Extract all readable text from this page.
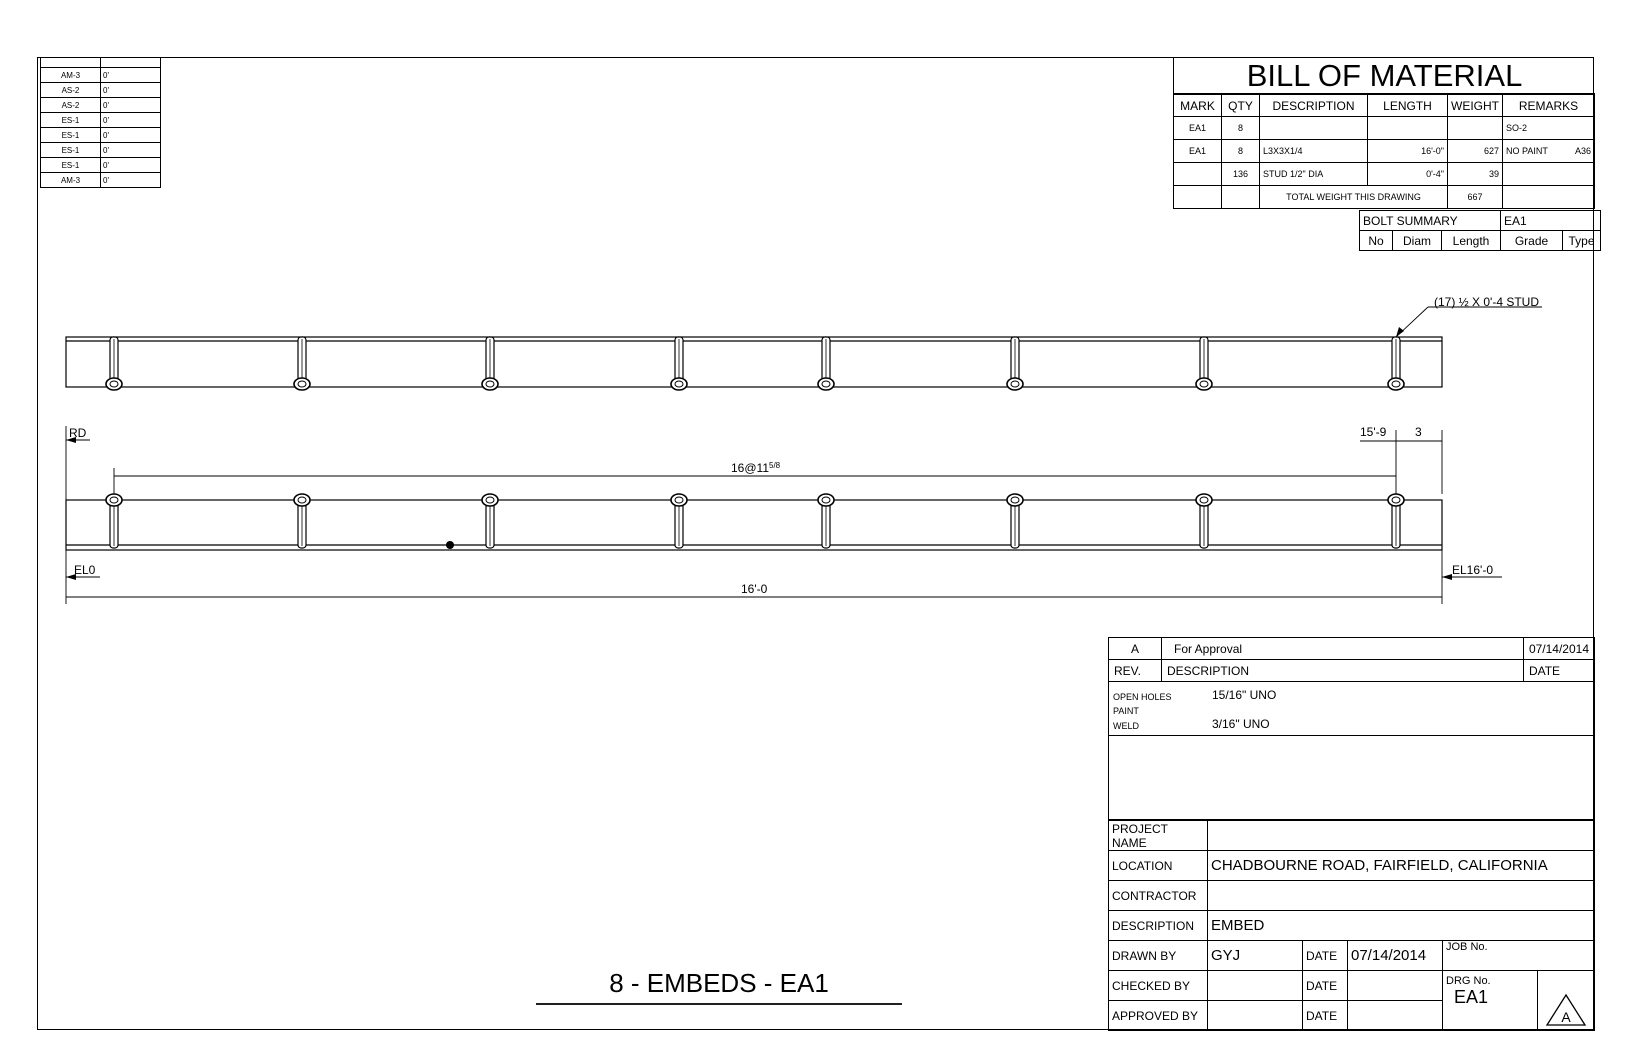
AM-3	0'
AS-2	0'
AS-2	0'
ES-1	0'
ES-1	0'
ES-1	0'
ES-1	0'
AM-3	0'
BILL OF MATERIAL
MARK	QTY	DESCRIPTION	LENGTH	WEIGHT	REMARKS
EA1	8				SO-2

EA1	8	L3X3X1/4	16'-0"	627	NO PAINT A36

	136	STUD 1/2" DIA	0'-4"	39	

		TOTAL WEIGHT THIS DRAWING		667	
BOLT SUMMARY			EA1	
No	Diam	Length	Grade	Type
(17) ½ X 0'-4 STUD
RD
$16@11^{5/8}$
15'-9 3
EL0	EL16'-0
16'-0
8 - EMBEDS - EA1
A	For Approval	07/14/2014
REV.	DESCRIPTION	DATE
OPEN HOLES	15/16" UNO
PAINT
WELD	3/16" UNO
PROJECT NAME					
LOCATION	CHADBOURNE ROAD, FAIRFIELD, CALIFORNIA				
CONTRACTOR					
DESCRIPTION	EMBED				
DRAWN BY	GYJ	DATE	07/14/2014	JOB No.	
CHECKED BY		DATE		DRG No.
EA1	A

APPROVED BY		DATE			
